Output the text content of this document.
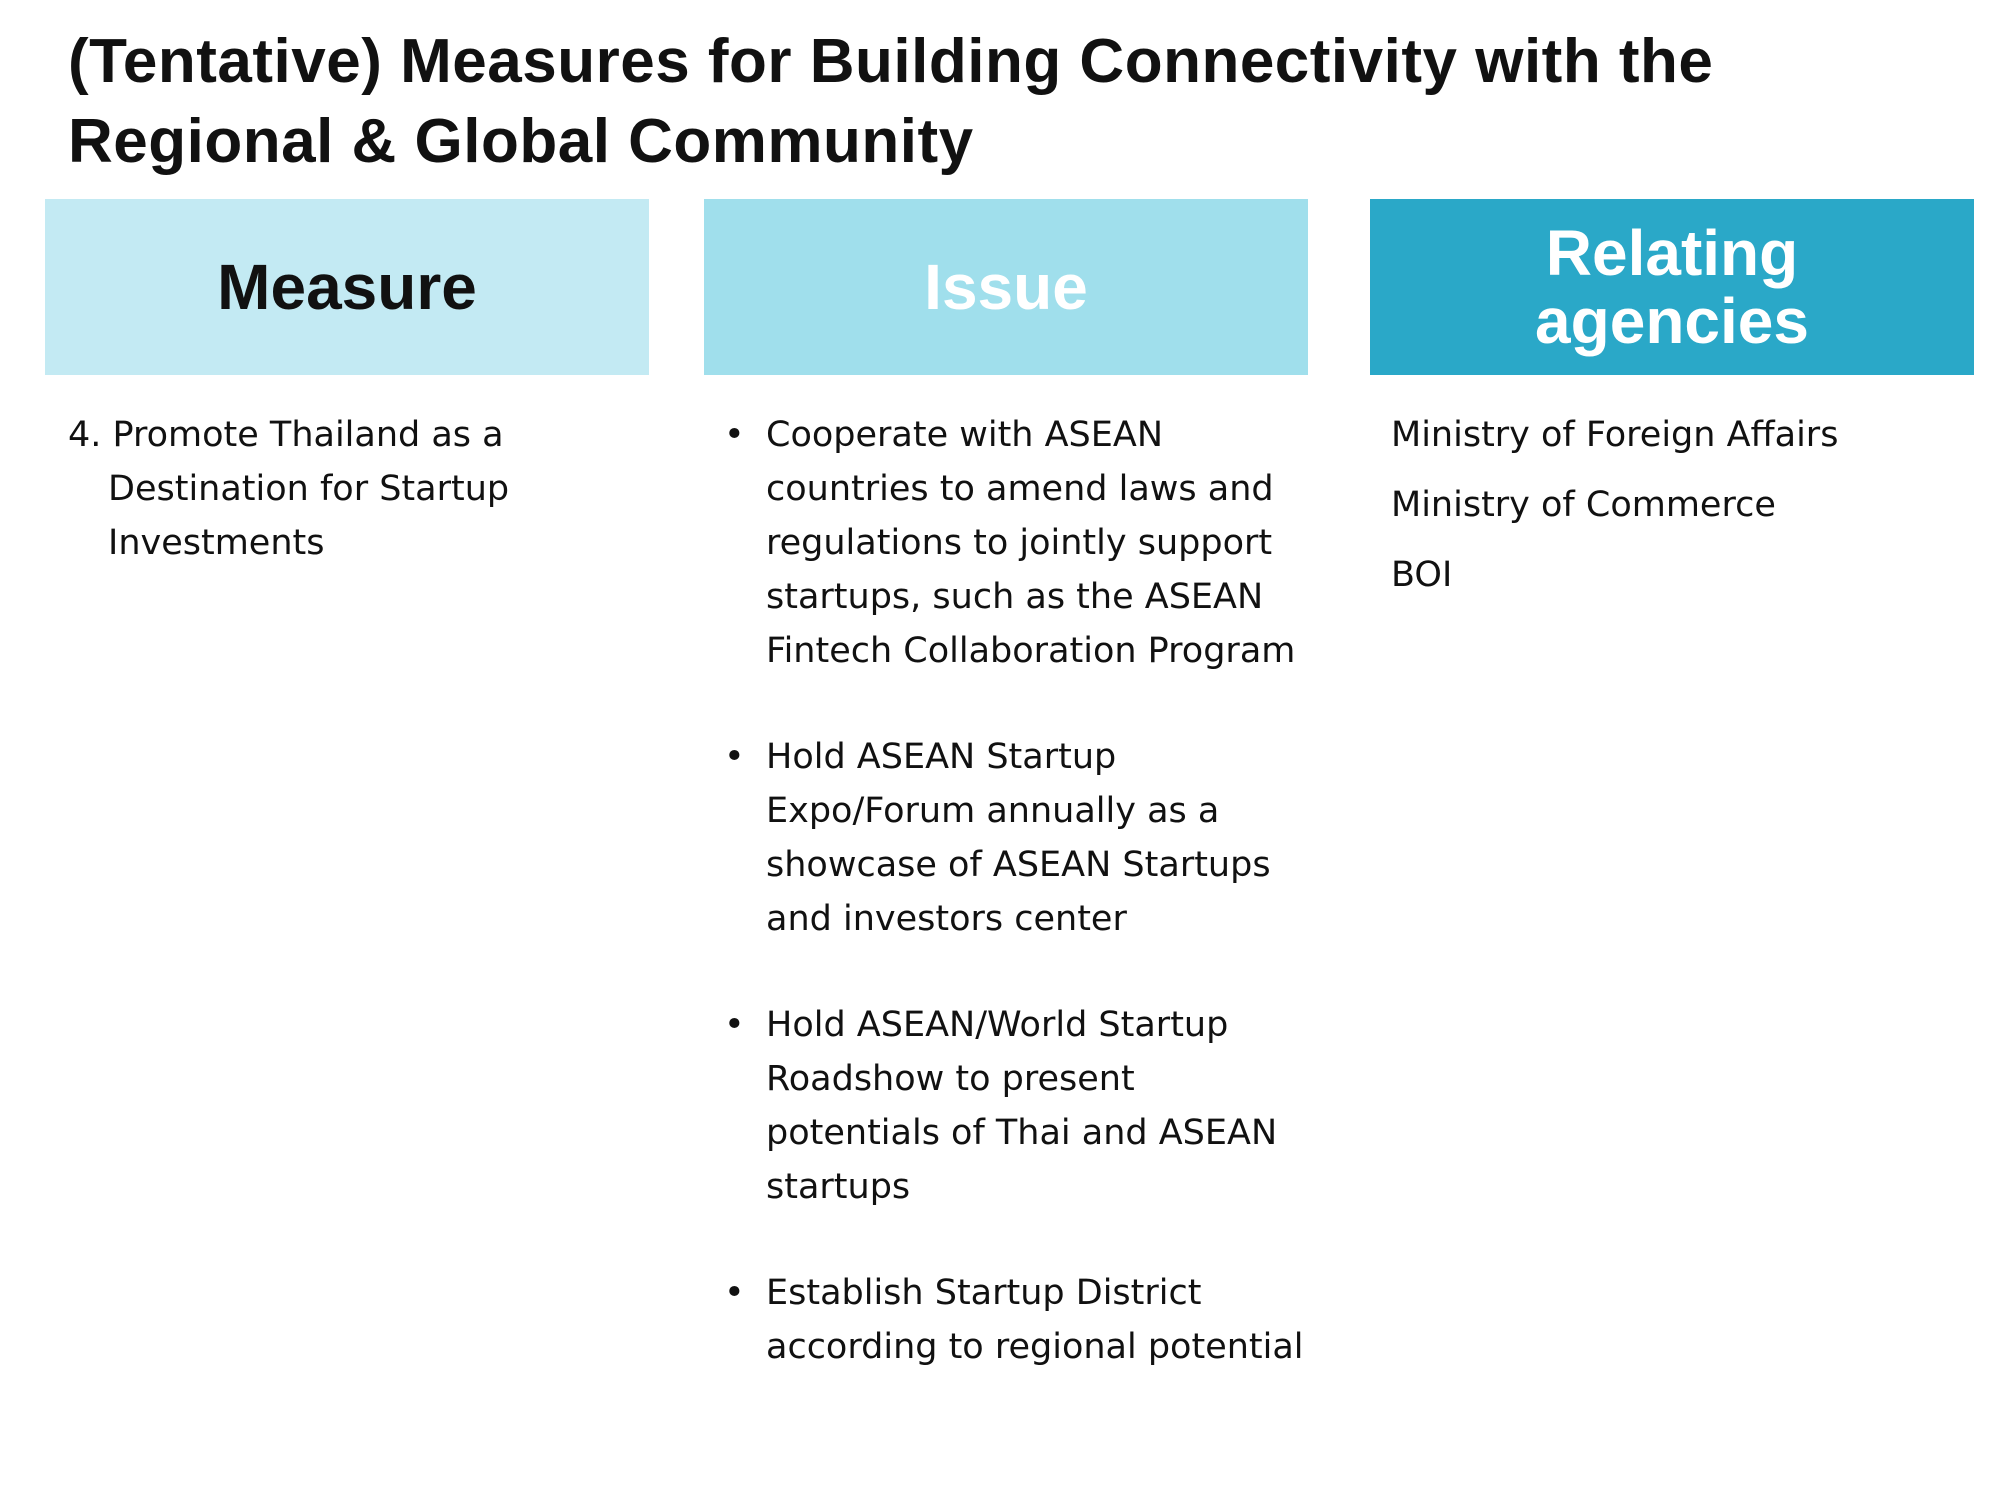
(Tentative) Measures for Building Connectivity with the
Regional & Global Community
Measure	Issue	Relating
agencies

4. Promote Thailand as a Destination for Startup Investments

• Cooperate with ASEAN countries to amend laws and regulations to jointly support startups, such as the ASEAN Fintech Collaboration Program
• Hold ASEAN Startup Expo/Forum annually as a showcase of ASEAN Startups and investors center
• Hold ASEAN/World Startup Roadshow to present potentials of Thai and ASEAN startups
• Establish Startup District according to regional potential
Ministry of Foreign Affairs
Ministry of Commerce
BOI
